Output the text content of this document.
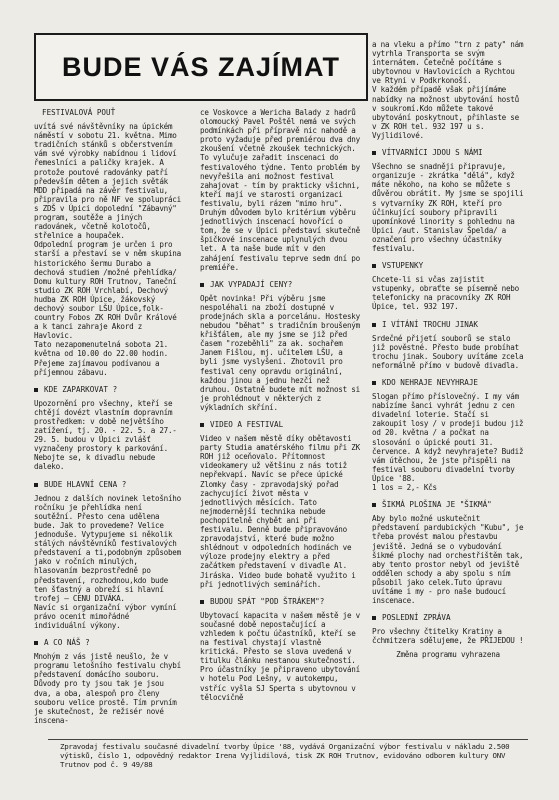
BUDE VÁS ZAJÍMAT

FESTIVALOVÁ POUŤ

uvítá své návštěvníky na úpickém náměstí v sobotu 21. května. Mimo tradičních stánků s občerstvením vám své výrobky nabídnou i lidoví řemeslníci a paličky krajek. A protože poutové radovánky patří především dětem a jejich světák MDD připadá na závěr festivalu, připravila pro ně NF ve spolupráci s ZDŠ v Úpici dopolední "Zábavný" program, soutěže a jiných radovánek, včetně kolotočů, střelnice a houpaček.
Odpolední program je určen i pro starší a přestaví se v něm skupina historického šermu Durabo a dechová studiem /možné přehlídka/ Domu kultury ROH Trutnov, Taneční studio ZK ROH Vrchlabí, Dechový hudba ZK ROH Úpice, žákovský dechový soubor LŠU Úpice,folk-country Fobos ZK ROH Dvůr Králové a k tanci zahraje Akord z Havlovic.
Tato nezapomenutelná sobota 21. května od 10.00 do 22.00 hodin. Přejeme zajímavou podívanou a příjemnou zábavu.

KDE ZAPARKOVAT ?

Upozornění pro všechny, kteří se chtějí dovézt vlastním dopravním prostředkem: v době největšího zatížení, tj. 20. - 22. 5. a 27.- 29. 5. budou v Úpici zvlášť vyznačeny prostory k parkování. Nebojte se, k divadlu nebude daleko.

BUDE HLAVNÍ CENA ?

Jednou z dalších novinek letošního ročníku je přehlídka není soutěžní. Přesto cena udělena bude. Jak to provedeme? Velice jednoduše. Vytypujeme si několik stálých návštěvníků festivalových představení a ti,podobným způsobem jako v ročních minulých, hlasovaním bezprostředně po představení, rozhodnou,kdo bude ten šťastný a obreží si hlavní trofej – CENU DIVÁKA.
Navíc si organizační výbor vymíní právo ocenit mimořádné individuální výkony.

A CO NÁŠ ?

Mnohým z vás jistě neušlo, že v programu letošního festivalu chybí představení domácího souboru. Důvody pro ty jsou tak je jsou dva, a oba, alespoň pro členy souboru velice prostě. Tím prvním je skutečnost, že režisér nové inscena-

ce Voskovce a Wericha Balady z hadrů olomoucký Pavel Poštěl nemá ve svých podmínkách při přípravě nic nahodě a proto vyžaduje před premiérou dva dny zkoušení včetně zkoušek technických. To vylučuje zařadit inscenaci do festivalového týdne. Tento problém by nevyřešila ani možnost festival zahajovat - tím by prakticky všichni, kteří mají ve starosti organizaci festivalu, byli rázem "mimo hru". Druhým důvodem bylo kritérium výběru jednotlivých inscenací hovořící o tom, že se v Úpici představí skutečně špičkové inscenace uplynulých dvou let. A ta naše bude mít v den zahájení festivalu teprve sedm dní po premiéře.

JAK VYPADAJÍ CENY?

Opět novinka! Při výběru jsme nespoléhali na zboží dostupné v prodejnách skla a porcelánu. Hostesky nebudou "běhat" s tradičním broušeným křišťálem, ale my jsme se již před časem "rozeběhli" za ak. sochařem Janem Fišlou, mj. učitelem LŠU, a byli jsme vyslyšeni. Zhotovil pro festival ceny opravdu originální, každou jinou a jednu hezčí než druhou. Ostatně budete mít možnost si je prohlédnout v některých z výkladních skříní.

VIDEO A FESTIVAL

Video v našem městě díky obětavosti party Studia amatérského filmu při ZK ROH již oceňovalo. Přítomnost videokamery už většinu z nás totiž nepřekvapí. Navíc se přece úpické Zlomky časy - zpravodajský pořad zachycující život města v jednotlivých měsících. Tato nejmodernější technika nebude pochopitelně chybět ani při festivalu. Denně bude připravováno zpravodajství, které bude možno shlédnout v odpoledních hodinách ve výloze prodejny elektry a před začátkem představení v divadle Al. Jiráska. Video bude bohatě využito i při jednotlivých seminářích.

BUDOU SPÁT "POD ŠTRÁKEM"?

Ubytovací kapacita v našem městě je v současné době nepostačující a vzhledem k počtu účastníků, kteří se na festival chystají vlastně kritická. Přesto se slova uvedená v titulku článku nestanou skutečností. Pro účastníky je připraveno ubytování v hotelu Pod Lešny, v autokempu, vstříc vyšla SJ Sperta s ubytovnou v tělocvičně

a na vleku a přímo "trn z paty" nám vytrhla Transporta se svým internátem. Četečně počítáme s ubytovnou v Havlovicích a Rychtou ve Rtyni v Podkrkonoší.
V každém případě však přijímáme nabídky na možnost ubytování hostů v soukromí.Kdo můžete takové ubytování poskytnout, přihlaste se v ZK ROH tel. 932 197 u s. Vyjlidilové.

VÍTVARNÍCI JDOU S NÁMI

Všechno se snadněji připravuje, organizuje - zkrátka "dělá", když máte někoho, na koho se můžete s důvěrou obrátit. My jsme se spojili s vytvarníky ZK ROH, kteří pro účinkující soubory připravili upomínkové linority s pohlednu na Úpici /aut. Stanislav Špelda/ a označení pro všechny účastníky festivalu.

VSTUPENKY

Chcete-li si včas zajistit vstupenky, obraťte se písemně nebo telefonicky na pracovníky ZK ROH Úpice, tel. 932 197.

I VÍTÁNÍ TROCHU JINAK

Srdečné přijetí souborů se stalo již pověstné. Přesto bude probíhat trochu jinak. Soubory uvítáme zcela neformálně přímo v budově divadla.

KDO NEHRAJE NEVYHRAJE

Slogan přímo příslovečný. I my vám nabízíme šanci vyhrát jednu z cen divadelní loterie. Stačí si zakoupit losy / v prodeji budou již od 20. května / a počkat na slosování o úpické pouti 31. července. A když nevyhrajete? Budiž vám útěchou, že jste přispěli na festival souboru divadelní tvorby Úpice '88.
1 los = 2,- Kčs

ŠIKMÁ PLOŠINA JE "ŠIKMÁ"

Aby bylo možné uskutečnit představení pardubických "Kubu", je třeba provést malou přestavbu jeviště. Jedná se o vybudování šikmé plochy nad orchestřištěm tak, aby tento prostor nebyl od jeviště oddělen schody a aby spolu s ním působil jako celek.Tuto úpravu uvítáme i my - pro naše budoucí inscenace.

POSLEDNÍ ZPRÁVA

Pro všechny čtitelky Kratiny a čchmitzera sdělujeme, že PŘIJEDOU !

Změna programu vyhrazena

Zpravodaj festivalu současné divadelní tvorby Úpice '88, vydává Organizační výbor festivalu v nákladu 2.500 výtisků, číslo 1, odpovědný redaktor Irena Vyjlidilová, tisk ZK ROH Trutnov, evidováno odborem kultury ONV Trutnov pod č. 9 49/88
